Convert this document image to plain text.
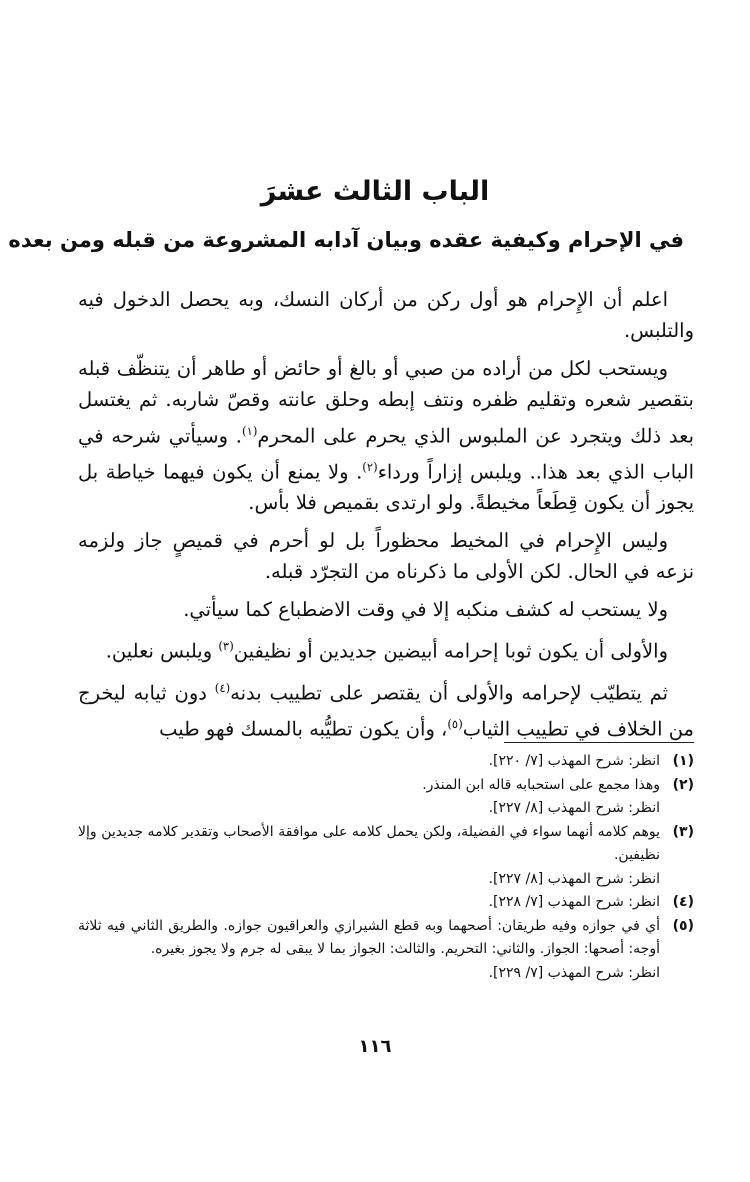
الباب الثالث عشرَ
في الإحرام وكيفية عقده وبيان آدابه المشروعة من قبله ومن بعده

اعلم أن الإِحرام هو أول ركن من أركان النسك، وبه يحصل الدخول فيه والتلبس.

ويستحب لكل من أراده من صبي أو بالغ أو حائض أو طاهر أن يتنظّف قبله بتقصير شعره وتقليم ظفره ونتف إبطه وحلق عانته وقصّ شاربه. ثم يغتسل بعد ذلك ويتجرد عن الملبوس الذي يحرم على المحرم$^{(١)}$. وسيأتي شرحه في الباب الذي بعد هذا.. ويلبس إزاراً ورداء$^{(٢)}$. ولا يمنع أن يكون فيهما خياطة بل يجوز أن يكون قِطَعاً مخيطةً. ولو ارتدى بقميص فلا بأس.

وليس الإِحرام في المخيط محظوراً بل لو أحرم في قميصٍ جاز ولزمه نزعه في الحال. لكن الأولى ما ذكرناه من التجرّد قبله.

ولا يستحب له كشف منكبه إلا في وقت الاضطباع كما سيأتي.

والأولى أن يكون ثوبا إحرامه أبيضين جديدين أو نظيفين$^{(٣)}$ ويلبس نعلين.

ثم يتطيّب لإحرامه والأولى أن يقتصر على تطييب بدنه$^{(٤)}$ دون ثيابه ليخرج من الخلاف في تطييب الثياب$^{(٥)}$، وأن يكون تطيُّبه بالمسك فهو طيب

(١)
انظر: شرح المهذب [٧/ ٢٢٠].
(٢)
وهذا مجمع على استحبابه قاله ابن المنذر.
انظر: شرح المهذب [٨/ ٢٢٧].
(٣)
يوهم كلامه أنهما سواء في الفضيلة، ولكن يحمل كلامه على موافقة الأصحاب وتقدير كلامه جديدين وإلا نظيفين.
انظر: شرح المهذب [٨/ ٢٢٧].
(٤)
انظر: شرح المهذب [٧/ ٢٢٨].
(٥)
أي في جوازه وفيه طريقان: أصحهما وبه قطع الشيرازي والعراقيون جوازه. والطريق الثاني فيه ثلاثة أوجه: أصحها: الجواز. والثاني: التحريم. والثالث: الجواز بما لا يبقى له جرم ولا يجوز بغيره.
انظر: شرح المهذب [٧/ ٢٢٩].
١١٦
